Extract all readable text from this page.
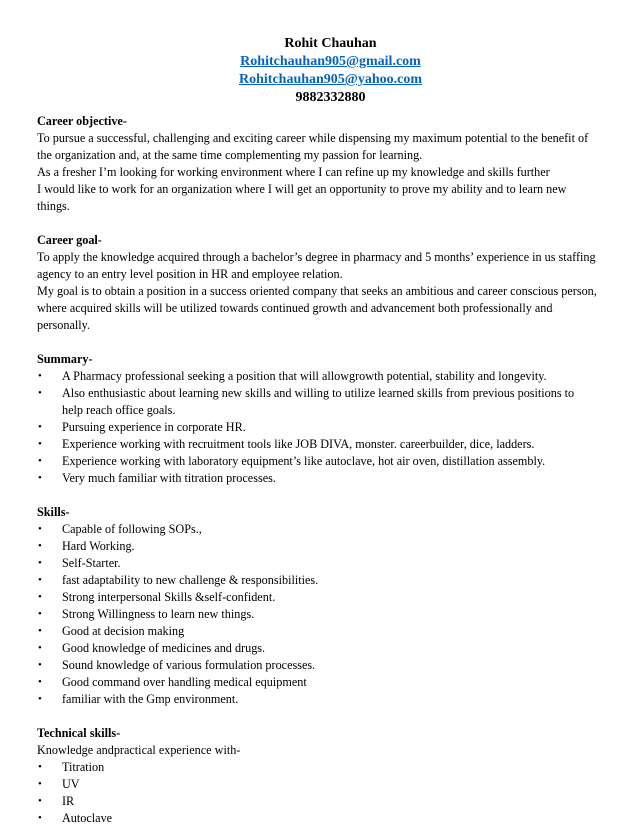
Rohit Chauhan
Rohitchauhan905@gmail.com
Rohitchauhan905@yahoo.com
9882332880
Career objective-

To pursue a successful, challenging and exciting career while dispensing my maximum potential to the benefit of the organization and, at the same time complementing my passion for learning.

As a fresher I’m looking for working environment where I can refine up my knowledge and skills further

I would like to work for an organization where I will get an opportunity to prove my ability and to learn new things.

Career goal-

To apply the knowledge acquired through a bachelor’s degree in pharmacy and 5 months’ experience in us staffing agency to an entry level position in HR and employee relation.

My goal is to obtain a position in a success oriented company that seeks an ambitious and career conscious person, where acquired skills will be utilized towards continued growth and advancement both professionally and personally.

Summary-
• A Pharmacy professional seeking a position that will allowgrowth potential, stability and longevity.
• Also enthusiastic about learning new skills and willing to utilize learned skills from previous positions to help reach office goals.
• Pursuing experience in corporate HR.
• Experience working with recruitment tools like JOB DIVA, monster. careerbuilder, dice, ladders.
• Experience working with laboratory equipment’s like autoclave, hot air oven, distillation assembly.
• Very much familiar with titration processes.
Skills-
• Capable of following SOPs.,
• Hard Working.
• Self-Starter.
• fast adaptability to new challenge & responsibilities.
• Strong interpersonal Skills &self-confident.
• Strong Willingness to learn new things.
• Good at decision making
• Good knowledge of medicines and drugs.
• Sound knowledge of various formulation processes.
• Good command over handling medical equipment
• familiar with the Gmp environment.
Technical skills-

Knowledge andpractical experience with-

• Titration
• UV
• IR
• Autoclave
